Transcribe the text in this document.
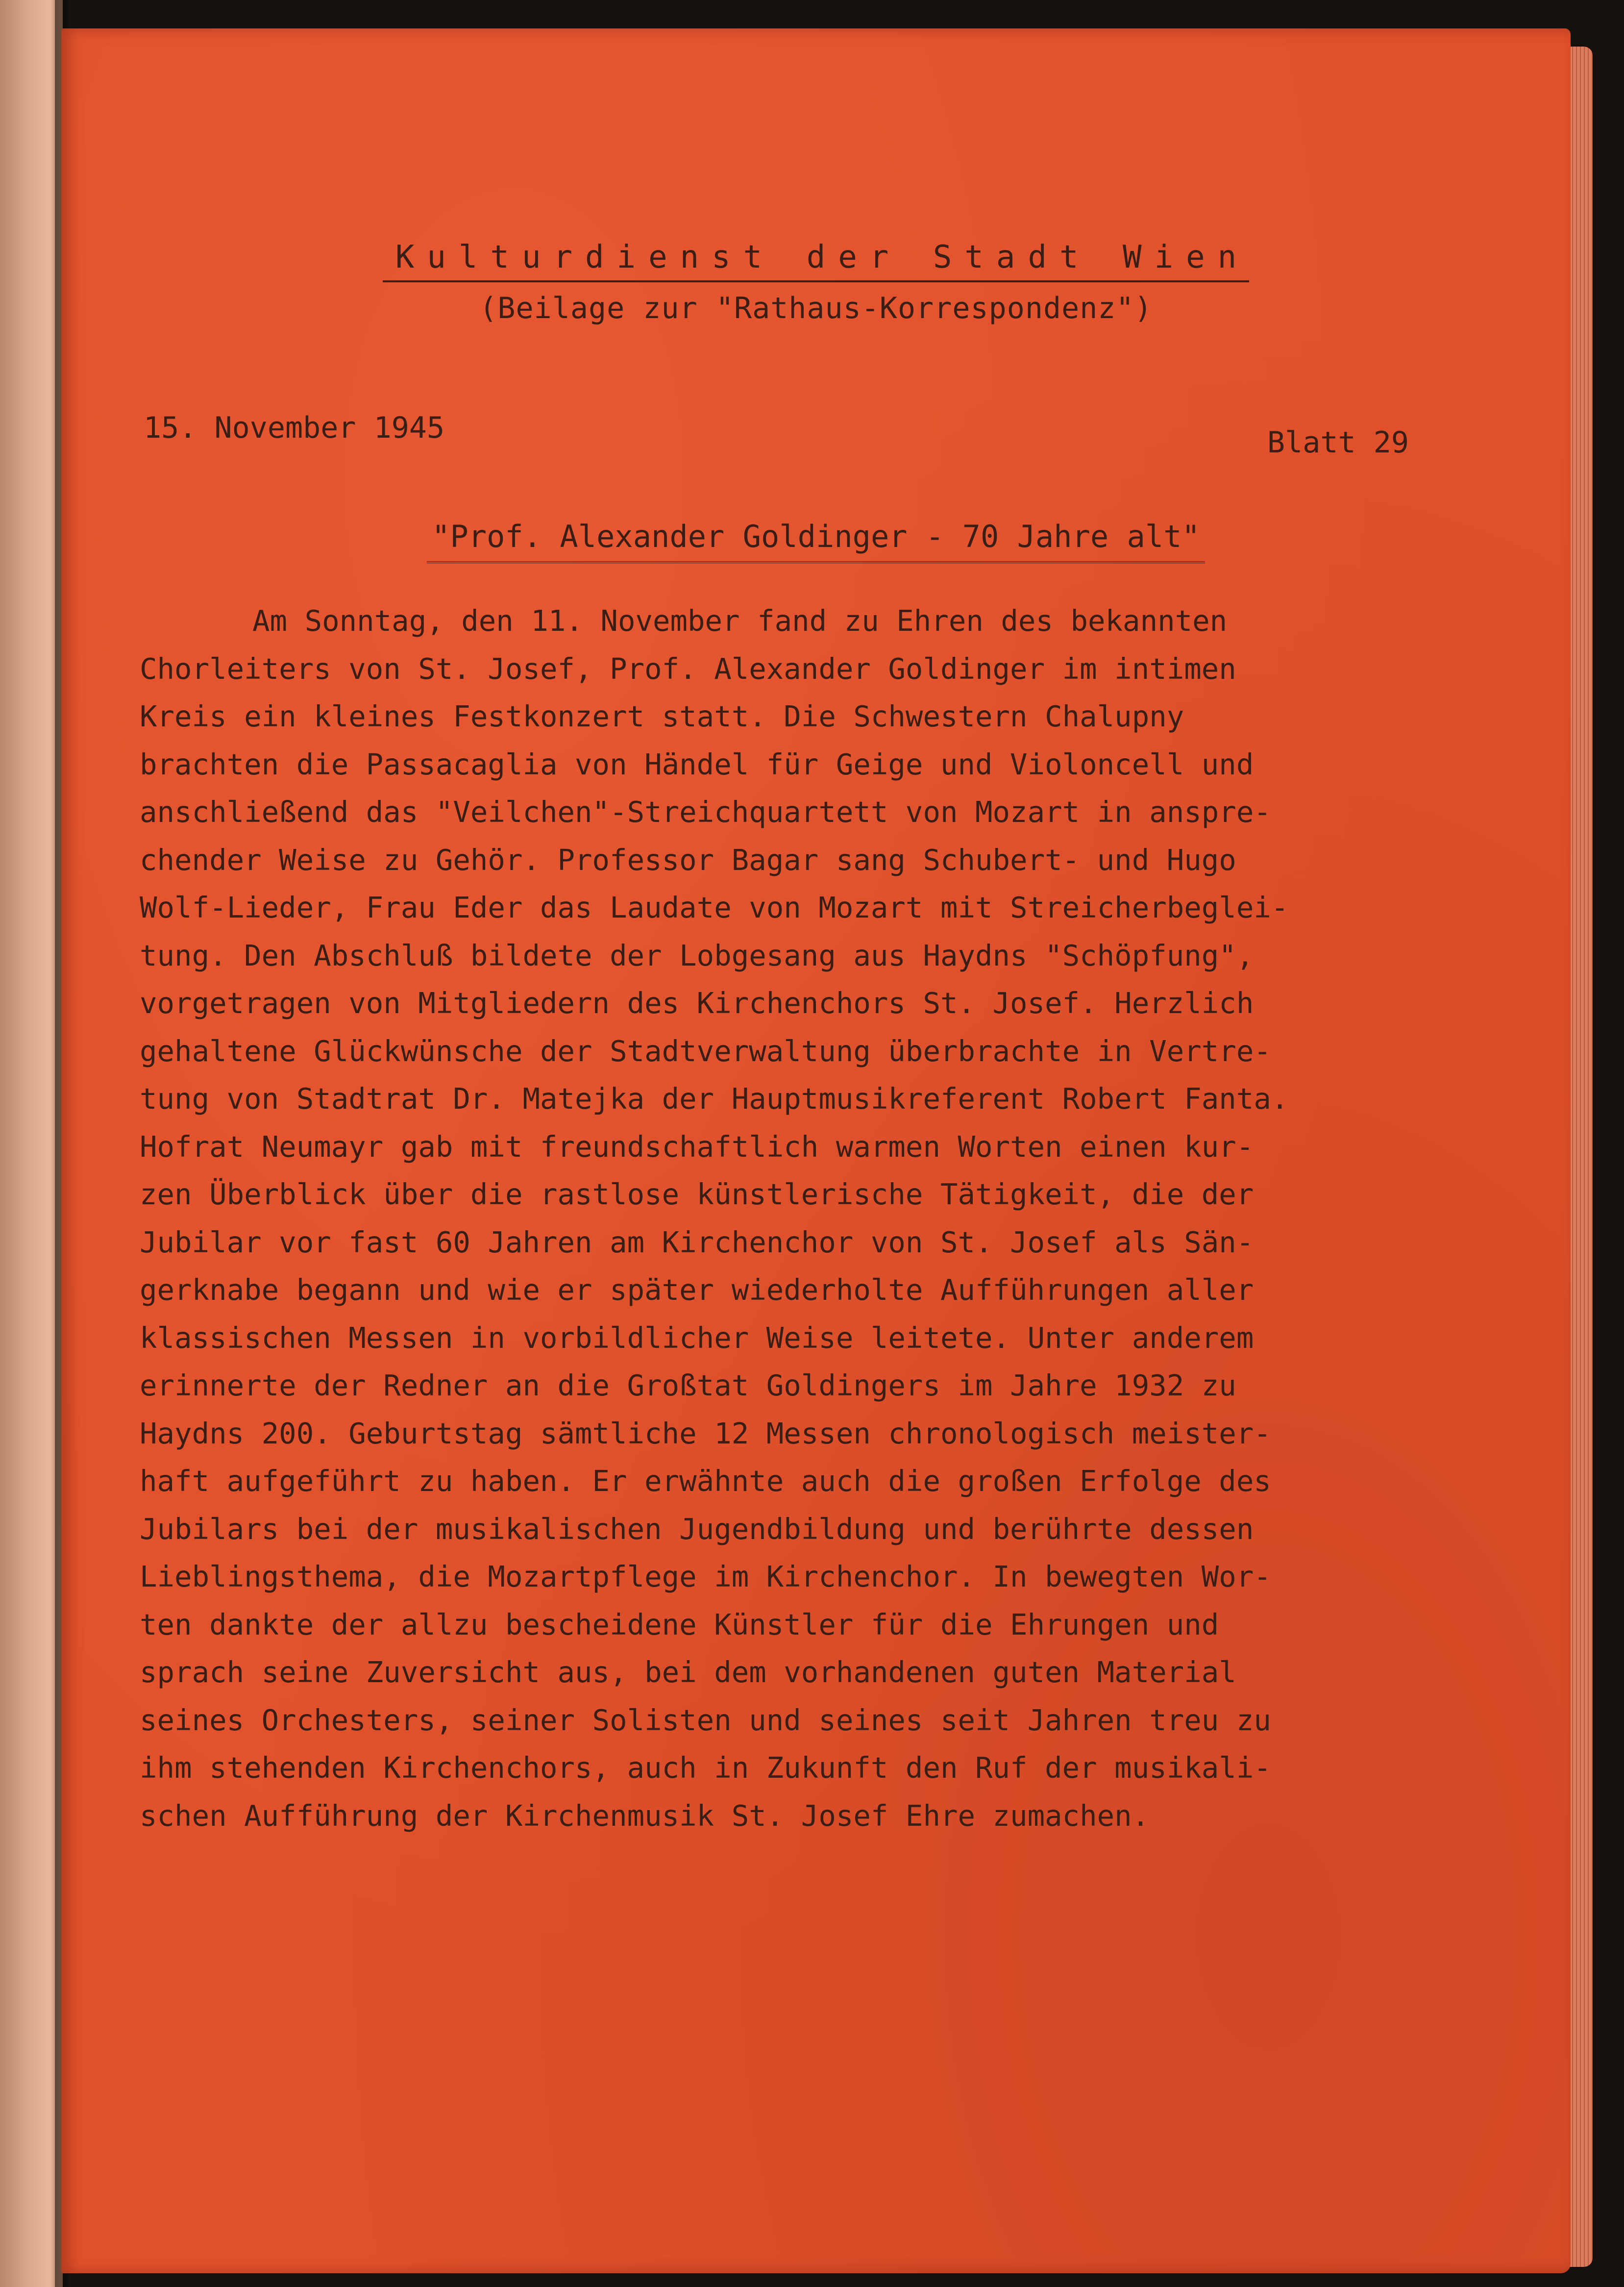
Kulturdienst der Stadt Wien
(Beilage zur "Rathaus-Korrespondenz")
15. November 1945	Blatt 29
"Prof. Alexander Goldinger - 70 Jahre alt"
Am Sonntag, den 11. November fand zu Ehren des bekannten
Chorleiters von St. Josef, Prof. Alexander Goldinger im intimen
Kreis ein kleines Festkonzert statt. Die Schwestern Chalupny
brachten die Passacaglia von Händel für Geige und Violoncell und
anschließend das "Veilchen"-Streichquartett von Mozart in anspre-
chender Weise zu Gehör. Professor Bagar sang Schubert- und Hugo
Wolf-Lieder, Frau Eder das Laudate von Mozart mit Streicherbeglei-
tung. Den Abschluß bildete der Lobgesang aus Haydns "Schöpfung",
vorgetragen von Mitgliedern des Kirchenchors St. Josef. Herzlich
gehaltene Glückwünsche der Stadtverwaltung überbrachte in Vertre-
tung von Stadtrat Dr. Matejka der Hauptmusikreferent Robert Fanta.
Hofrat Neumayr gab mit freundschaftlich warmen Worten einen kur-
zen Überblick über die rastlose künstlerische Tätigkeit, die der
Jubilar vor fast 60 Jahren am Kirchenchor von St. Josef als Sän-
gerknabe begann und wie er später wiederholte Aufführungen aller
klassischen Messen in vorbildlicher Weise leitete. Unter anderem
erinnerte der Redner an die Großtat Goldingers im Jahre 1932 zu
Haydns 200. Geburtstag sämtliche 12 Messen chronologisch meister-
haft aufgeführt zu haben. Er erwähnte auch die großen Erfolge des
Jubilars bei der musikalischen Jugendbildung und berührte dessen
Lieblingsthema, die Mozartpflege im Kirchenchor. In bewegten Wor-
ten dankte der allzu bescheidene Künstler für die Ehrungen und
sprach seine Zuversicht aus, bei dem vorhandenen guten Material
seines Orchesters, seiner Solisten und seines seit Jahren treu zu
ihm stehenden Kirchenchors, auch in Zukunft den Ruf der musikali-
schen Aufführung der Kirchenmusik St. Josef Ehre zumachen.
